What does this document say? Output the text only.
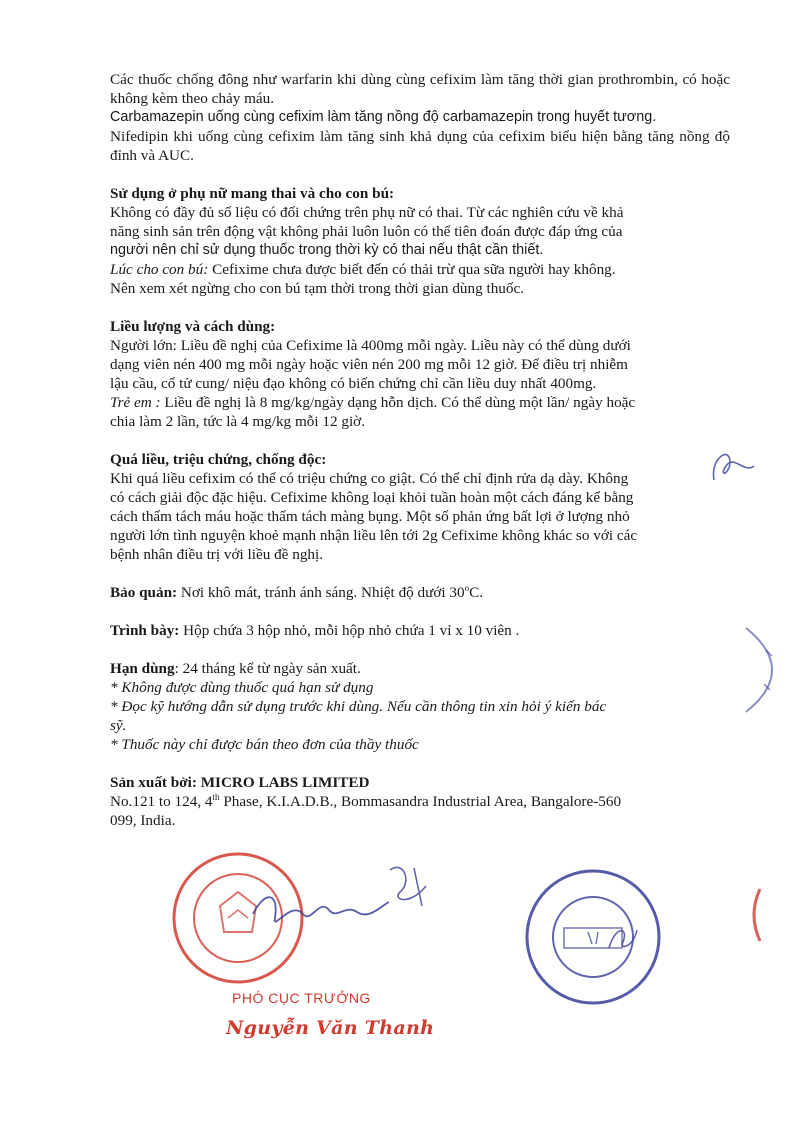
Các thuốc chống đông như warfarin khi dùng cùng cefixim làm tăng thời gian prothrombin, có hoặc không kèm theo chảy máu.

Carbamazepin uống cùng cefixim làm tăng nồng độ carbamazepin trong huyết tương.

Nifedipin khi uống cùng cefixim làm tăng sinh khả dụng của cefixim biểu hiện bằng tăng nồng độ đỉnh và AUC.

Sử dụng ở phụ nữ mang thai và cho con bú:

Không có đầy đủ số liệu có đối chứng trên phụ nữ có thai. Từ các nghiên cứu về khả

năng sinh sản trên động vật không phải luôn luôn có thể tiên đoán được đáp ứng của

người nên chỉ sử dụng thuốc trong thời kỳ có thai nếu thật cần thiết.

Lúc cho con bú: Cefixime chưa được biết đến có thải trừ qua sữa người hay không.

Nên xem xét ngừng cho con bú tạm thời trong thời gian dùng thuốc.

Liều lượng và cách dùng:

Người lớn: Liều đề nghị của Cefixime là 400mg mỗi ngày. Liều này có thể dùng dưới

dạng viên nén 400 mg mỗi ngày hoặc viên nén 200 mg mỗi 12 giờ. Để điều trị nhiễm

lậu cầu, cổ tử cung/ niệu đạo không có biến chứng chỉ cần liều duy nhất 400mg.

Trẻ em : Liều đề nghị là 8 mg/kg/ngày dạng hỗn dịch. Có thể dùng một lần/ ngày hoặc

chia làm 2 lần, tức là 4 mg/kg mỗi 12 giờ.

Quá liều, triệu chứng, chống độc:

Khi quá liều cefixim có thể có triệu chứng co giật. Có thể chỉ định rửa dạ dày. Không

có cách giải độc đặc hiệu. Cefixime không loại khỏi tuần hoàn một cách đáng kể bằng

cách thẩm tách máu hoặc thẩm tách màng bụng. Một số phản ứng bất lợi ở lượng nhỏ

người lớn tình nguyện khoẻ mạnh nhận liều lên tới 2g Cefixime không khác so với các

bệnh nhân điều trị với liều đề nghị.

Bảo quản: Nơi khô mát, tránh ánh sáng. Nhiệt độ dưới 30$^o$C.

Trình bày: Hộp chứa 3 hộp nhỏ, mỗi hộp nhỏ chứa 1 vỉ x 10 viên .

Hạn dùng: 24 tháng kể từ ngày sản xuất.

* Không được dùng thuốc quá hạn sử dụng

* Đọc kỹ hướng dẫn sử dụng trước khi dùng. Nếu cần thông tin xin hỏi ý kiến bác

sỹ.

* Thuốc này chỉ được bán theo đơn của thầy thuốc

Sản xuất bởi: MICRO LABS LIMITED

No.121 to 124, 4th Phase, K.I.A.D.B., Bommasandra Industrial Area, Bangalore-560

099, India.

PHÓ CỤC TRƯỞNG
Nguyễn Văn Thanh
